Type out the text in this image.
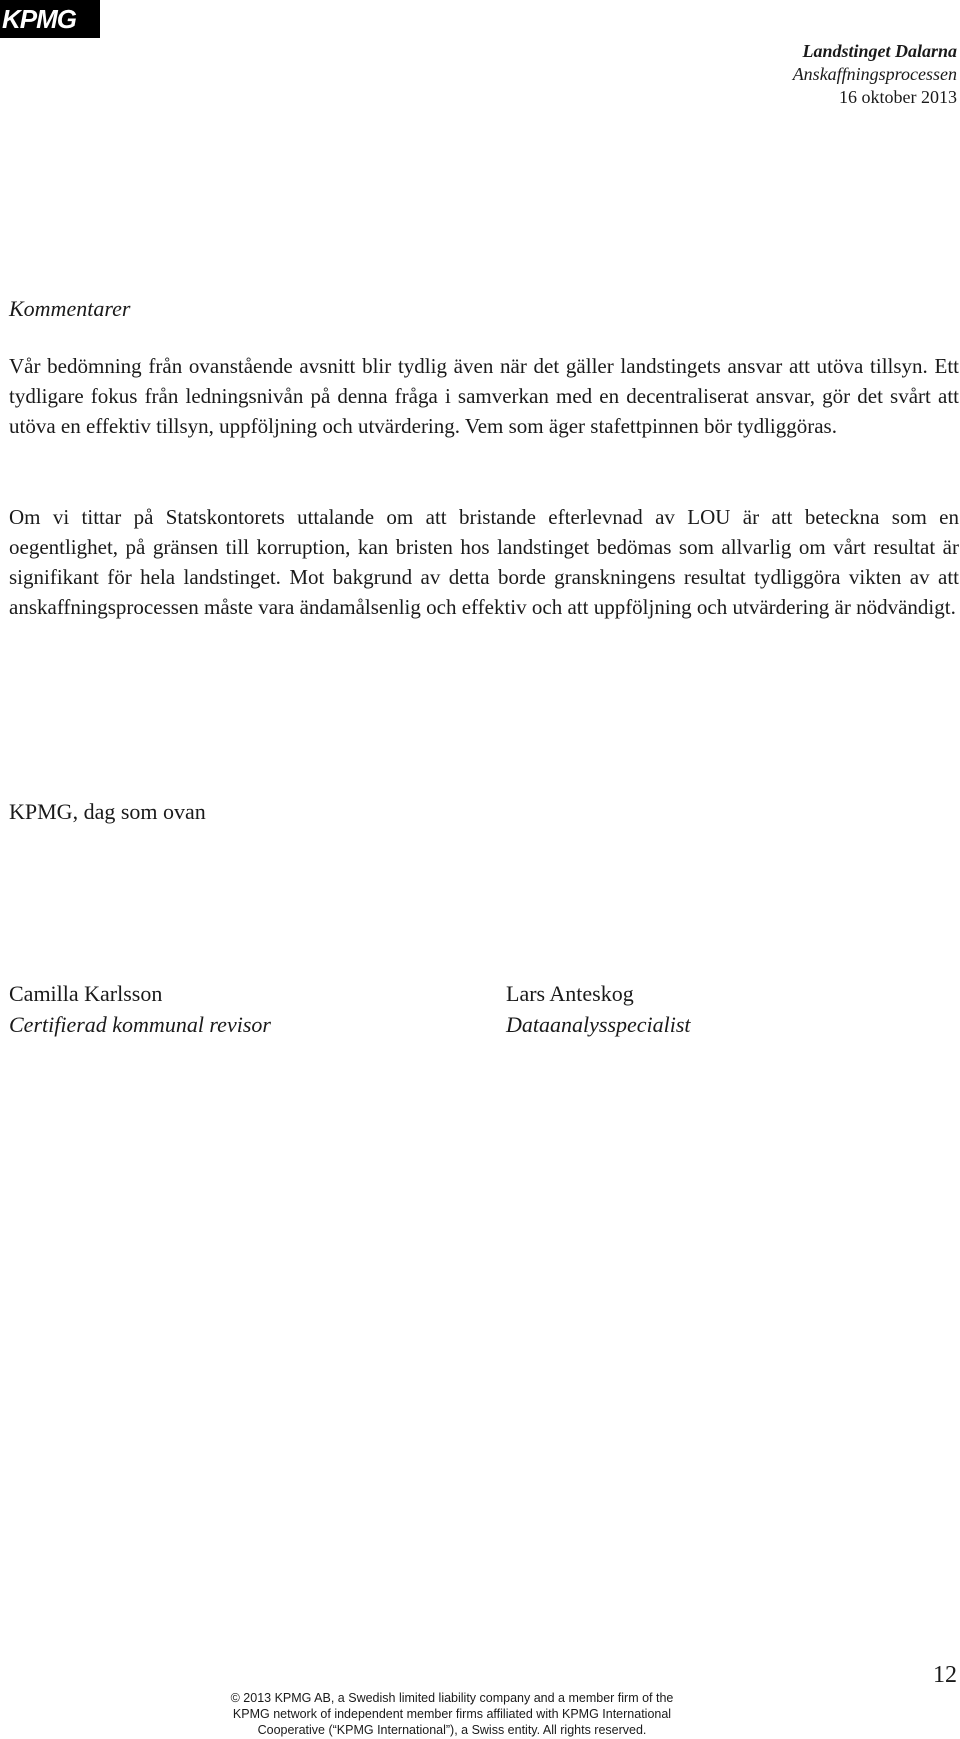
KPMG
Landstinget Dalarna
Anskaffningsprocessen
16 oktober 2013
Kommentarer

Vår bedömning från ovanstående avsnitt blir tydlig även när det gäller landstingets ansvar att utöva tillsyn. Ett tydligare fokus från ledningsnivån på denna fråga i samverkan med en decentraliserat ansvar, gör det svårt att utöva en effektiv tillsyn, uppföljning och utvärdering. Vem som äger stafettpinnen bör tydliggöras.

Om vi tittar på Statskontorets uttalande om att bristande efterlevnad av LOU är att beteckna som en oegentlighet, på gränsen till korruption, kan bristen hos landstinget bedömas som allvarlig om vårt resultat är signifikant för hela landstinget. Mot bakgrund av detta borde granskningens resultat tydliggöra vikten av att anskaffningsprocessen måste vara ändamålsenlig och effektiv och att uppföljning och utvärdering är nödvändigt.

KPMG, dag som ovan
Camilla Karlsson
Certifierad kommunal revisor
Lars Anteskog
Dataanalysspecialist
12
© 2013 KPMG AB, a Swedish limited liability company and a member firm of the
KPMG network of independent member firms affiliated with KPMG International
Cooperative (“KPMG International”), a Swiss entity. All rights reserved.
